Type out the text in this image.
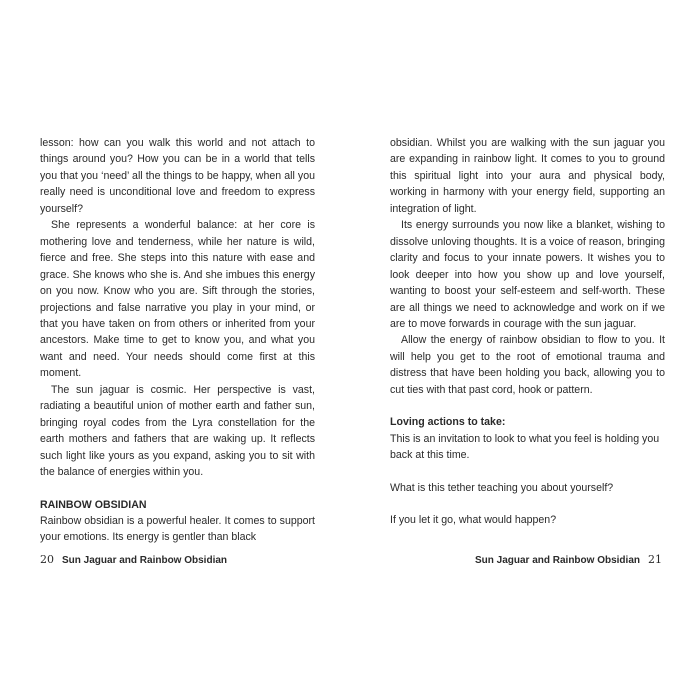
lesson: how can you walk this world and not attach to things around you? How you can be in a world that tells you that you ‘need’ all the things to be happy, when all you really need is unconditional love and freedom to express yourself?

She represents a wonderful balance: at her core is mothering love and tenderness, while her nature is wild, fierce and free. She steps into this nature with ease and grace. She knows who she is. And she imbues this energy on you now. Know who you are. Sift through the stories, projections and false narrative you play in your mind, or that you have taken on from others or inherited from your ancestors. Make time to get to know you, and what you want and need. Your needs should come first at this moment.

The sun jaguar is cosmic. Her perspective is vast, radiating a beautiful union of mother earth and father sun, bringing royal codes from the Lyra constellation for the earth mothers and fathers that are waking up. It reflects such light like yours as you expand, asking you to sit with the balance of energies within you.

RAINBOW OBSIDIAN

Rainbow obsidian is a powerful healer. It comes to support your emotions. Its energy is gentler than black

obsidian. Whilst you are walking with the sun jaguar you are expanding in rainbow light. It comes to you to ground this spiritual light into your aura and physical body, working in harmony with your energy field, supporting an integration of light.

Its energy surrounds you now like a blanket, wishing to dissolve unloving thoughts. It is a voice of reason, bringing clarity and focus to your innate powers. It wishes you to look deeper into how you show up and love yourself, wanting to boost your self-esteem and self-worth. These are all things we need to acknowledge and work on if we are to move forwards in courage with the sun jaguar.

Allow the energy of rainbow obsidian to flow to you. It will help you get to the root of emotional trauma and distress that have been holding you back, allowing you to cut ties with that past cord, hook or pattern.

Loving actions to take:

This is an invitation to look to what you feel is holding you back at this time.

What is this tether teaching you about yourself?

If you let it go, what would happen?

20 Sun Jaguar and Rainbow Obsidian	Sun Jaguar and Rainbow Obsidian 21
